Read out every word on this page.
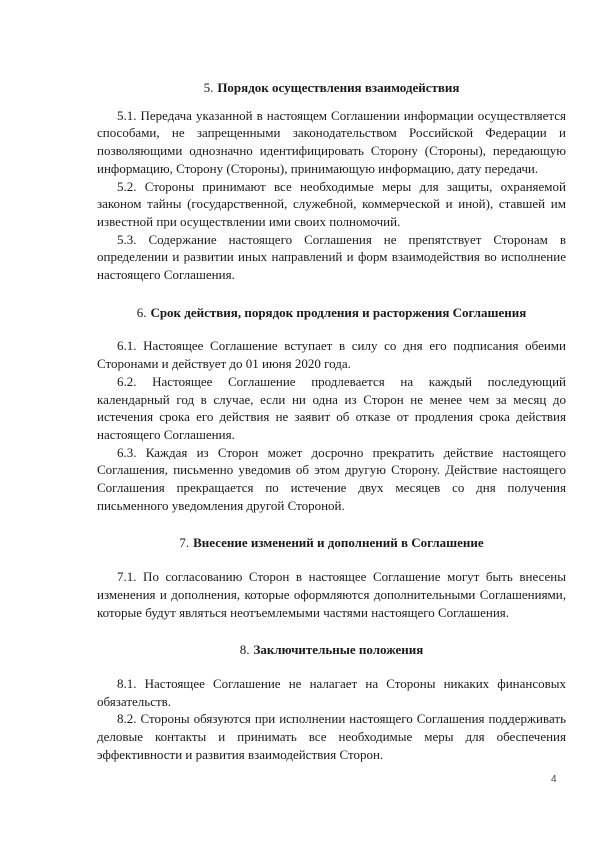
5. Порядок осуществления взаимодействия

5.1. Передача указанной в настоящем Соглашении информации осуществляется способами, не запрещенными законодательством Российской Федерации и позволяющими однозначно идентифицировать Сторону (Стороны), передающую информацию, Сторону (Стороны), принимающую информацию, дату передачи.

5.2. Стороны принимают все необходимые меры для защиты, охраняемой законом тайны (государственной, служебной, коммерческой и иной), ставшей им известной при осуществлении ими своих полномочий.

5.3. Содержание настоящего Соглашения не препятствует Сторонам в определении и развитии иных направлений и форм взаимодействия во исполнение настоящего Соглашения.

6. Срок действия, порядок продления и расторжения Соглашения

6.1. Настоящее Соглашение вступает в силу со дня его подписания обеими Сторонами и действует до 01 июня 2020 года.

6.2. Настоящее Соглашение продлевается на каждый последующий календарный год в случае, если ни одна из Сторон не менее чем за месяц до истечения срока его действия не заявит об отказе от продления срока действия настоящего Соглашения.

6.3. Каждая из Сторон может досрочно прекратить действие настоящего Соглашения, письменно уведомив об этом другую Сторону. Действие настоящего Соглашения прекращается по истечение двух месяцев со дня получения письменного уведомления другой Стороной.

7. Внесение изменений и дополнений в Соглашение

7.1. По согласованию Сторон в настоящее Соглашение могут быть внесены изменения и дополнения, которые оформляются дополнительными Соглашениями, которые будут являться неотъемлемыми частями настоящего Соглашения.

8. Заключительные положения

8.1. Настоящее Соглашение не налагает на Стороны никаких финансовых обязательств.

8.2. Стороны обязуются при исполнении настоящего Соглашения поддерживать деловые контакты и принимать все необходимые меры для обеспечения эффективности и развития взаимодействия Сторон.

4
